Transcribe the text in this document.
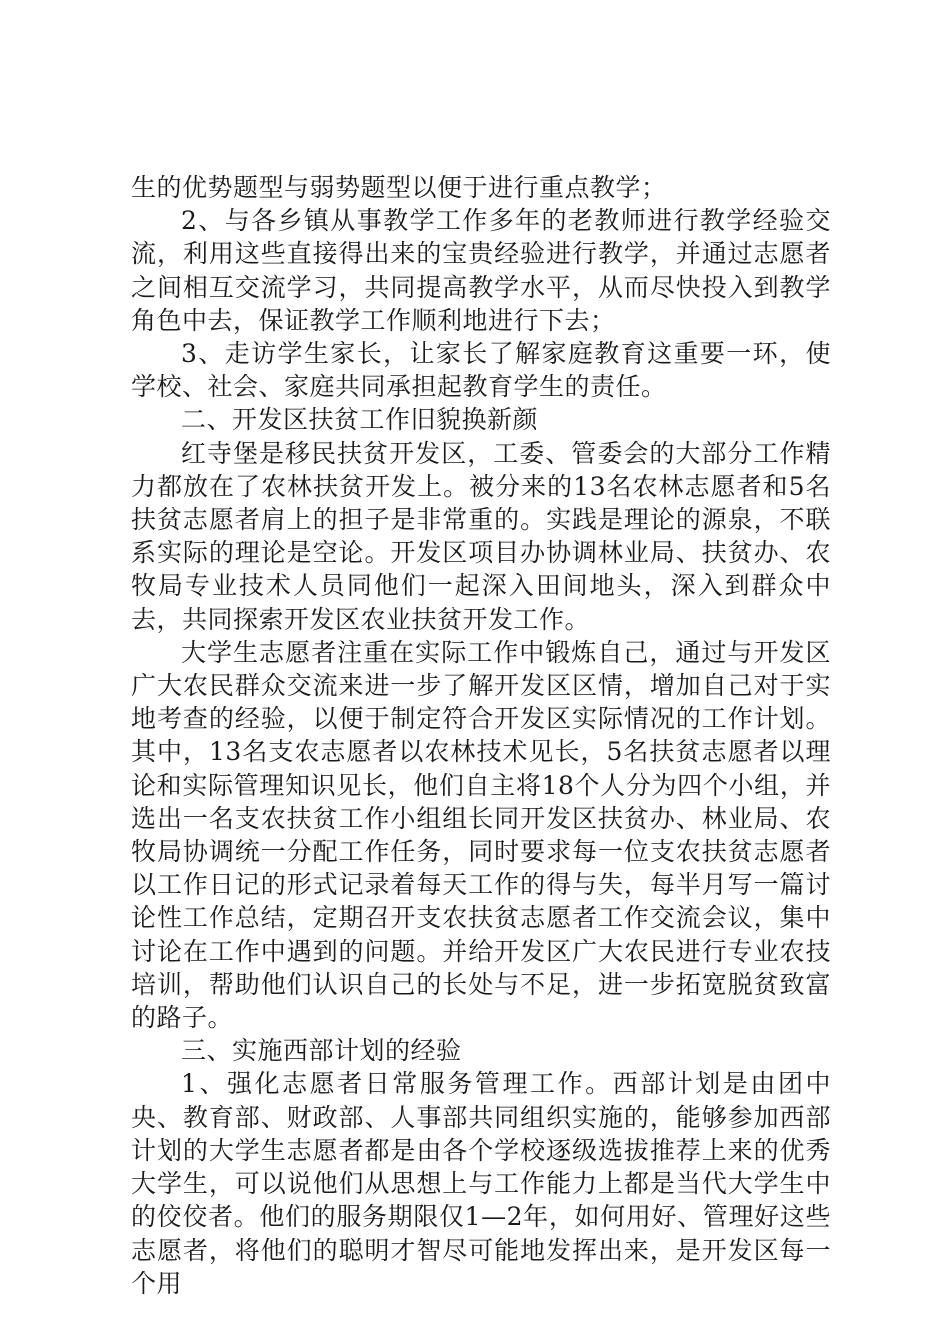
生的优势题型与弱势题型以便于进行重点教学；

2、与各乡镇从事教学工作多年的老教师进行教学经验交流，利用这些直接得出来的宝贵经验进行教学，并通过志愿者之间相互交流学习，共同提高教学水平，从而尽快投入到教学角色中去，保证教学工作顺利地进行下去；

3、走访学生家长，让家长了解家庭教育这重要一环，使学校、社会、家庭共同承担起教育学生的责任。

二、开发区扶贫工作旧貌换新颜

红寺堡是移民扶贫开发区，工委、管委会的大部分工作精力都放在了农林扶贫开发上。被分来的13名农林志愿者和5名扶贫志愿者肩上的担子是非常重的。实践是理论的源泉，不联系实际的理论是空论。开发区项目办协调林业局、扶贫办、农牧局专业技术人员同他们一起深入田间地头，深入到群众中去，共同探索开发区农业扶贫开发工作。

大学生志愿者注重在实际工作中锻炼自己，通过与开发区广大农民群众交流来进一步了解开发区区情，增加自己对于实地考查的经验，以便于制定符合开发区实际情况的工作计划。其中，13名支农志愿者以农林技术见长，5名扶贫志愿者以理论和实际管理知识见长，他们自主将18个人分为四个小组，并选出一名支农扶贫工作小组组长同开发区扶贫办、林业局、农牧局协调统一分配工作任务，同时要求每一位支农扶贫志愿者以工作日记的形式记录着每天工作的得与失，每半月写一篇讨论性工作总结，定期召开支农扶贫志愿者工作交流会议，集中讨论在工作中遇到的问题。并给开发区广大农民进行专业农技培训，帮助他们认识自己的长处与不足，进一步拓宽脱贫致富的路子。

三、实施西部计划的经验

1、强化志愿者日常服务管理工作。西部计划是由团中央、教育部、财政部、人事部共同组织实施的，能够参加西部计划的大学生志愿者都是由各个学校逐级选拔推荐上来的优秀大学生，可以说他们从思想上与工作能力上都是当代大学生中的佼佼者。他们的服务期限仅1—2年，如何用好、管理好这些志愿者，将他们的聪明才智尽可能地发挥出来，是开发区每一个用
